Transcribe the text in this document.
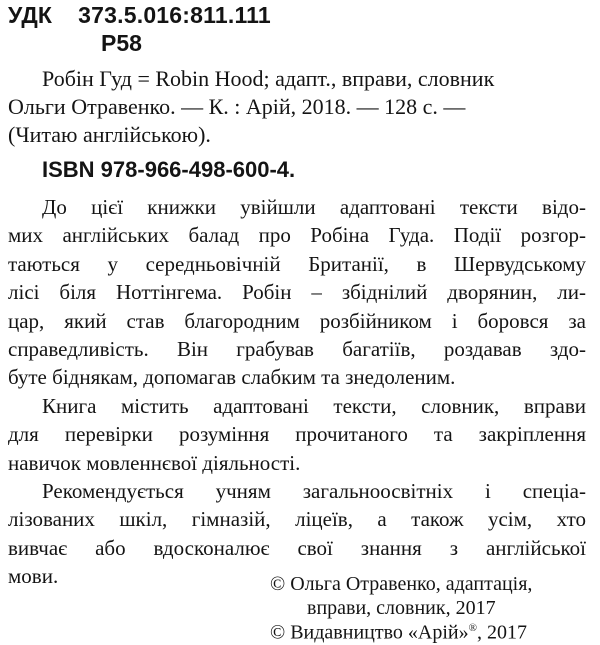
УДК 373.5.016:811.111
Р58
Робін Гуд = Robin Hood; адапт., вправи, словник
Ольги Отравенко. — К. : Арій, 2018. — 128 с. —
(Читаю англійською).
ISBN 978-966-498-600-4.
До цієї книжки увійшли адаптовані тексти відо-
мих англійських балад про Робіна Гуда. Події розгор-
таються у середньовічній Британії, в Шервудському
лісі біля Ноттінгема. Робін – збіднілий дворянин, ли-
цар, який став благородним розбійником і боровся за
справедливість. Він грабував багатіїв, роздавав здо-
буте біднякам, допомагав слабким та знедоленим.
Книга містить адаптовані тексти, словник, вправи
для перевірки розуміння прочитаного та закріплення
навичок мовленнєвої діяльності.
Рекомендується учням загальноосвітніх і спеціа-
лізованих шкіл, гімназій, ліцеїв, а також усім, хто
вивчає або вдосконалює свої знання з англійської
мови.	© Ольга Отравенко, адаптація,
вправи, словник, 2017
© Видавництво «Арій»®, 2017
